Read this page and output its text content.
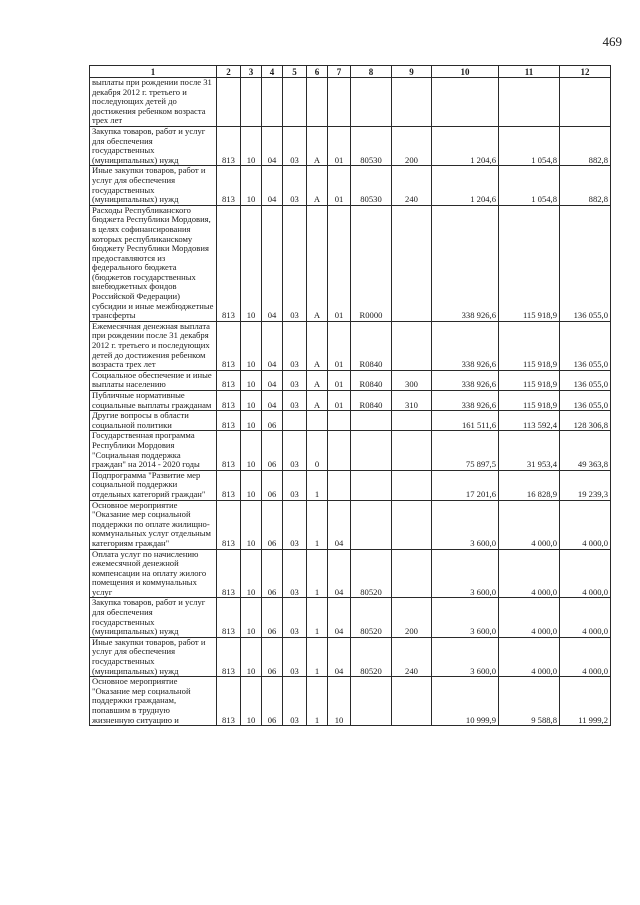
469
1	2	3	4	5	6	7	8	9	10	11	12
выплаты при рождении после 31 декабря 2012 г. третьего и последующих детей до достижения ребенком возраста трех лет											
Закупка товаров, работ и услуг для обеспечения государственных (муниципальных) нужд	813	10	04	03	А	01	80530	200	1 204,6	1 054,8	882,8
Иные закупки товаров, работ и услуг для обеспечения государственных (муниципальных) нужд	813	10	04	03	А	01	80530	240	1 204,6	1 054,8	882,8
Расходы Республиканского бюджета Республики Мордовия, в целях софинансирования которых республиканскому бюджету Республики Мордовия предоставляются из федерального бюджета (бюджетов государственных внебюджетных фондов Российской Федерации) субсидии и иные межбюджетные трансферты	813	10	04	03	А	01	R0000		338 926,6	115 918,9	136 055,0
Ежемесячная денежная выплата при рождении после 31 декабря 2012 г. третьего и последующих детей до достижения ребенком возраста трех лет	813	10	04	03	А	01	R0840		338 926,6	115 918,9	136 055,0
Социальное обеспечение и иные выплаты населению	813	10	04	03	А	01	R0840	300	338 926,6	115 918,9	136 055,0
Публичные нормативные социальные выплаты гражданам	813	10	04	03	А	01	R0840	310	338 926,6	115 918,9	136 055,0
Другие вопросы в области социальной политики	813	10	06						161 511,6	113 592,4	128 306,8
Государственная программа Республики Мордовия "Социальная поддержка граждан" на 2014 - 2020 годы	813	10	06	03	0				75 897,5	31 953,4	49 363,8
Подпрограмма "Развитие мер социальной поддержки отдельных категорий граждан"	813	10	06	03	1				17 201,6	16 828,9	19 239,3
Основное мероприятие "Оказание мер социальной поддержки по оплате жилищно-коммунальных услуг отдельным категориям граждан"	813	10	06	03	1	04			3 600,0	4 000,0	4 000,0
Оплата услуг по начислению ежемесячной денежной компенсации на оплату жилого помещения и коммунальных услуг	813	10	06	03	1	04	80520		3 600,0	4 000,0	4 000,0
Закупка товаров, работ и услуг для обеспечения государственных (муниципальных) нужд	813	10	06	03	1	04	80520	200	3 600,0	4 000,0	4 000,0
Иные закупки товаров, работ и услуг для обеспечения государственных (муниципальных) нужд	813	10	06	03	1	04	80520	240	3 600,0	4 000,0	4 000,0
Основное мероприятие "Оказание мер социальной поддержки гражданам, попавшим в трудную жизненную ситуацию и	813	10	06	03	1	10			10 999,9	9 588,8	11 999,2
